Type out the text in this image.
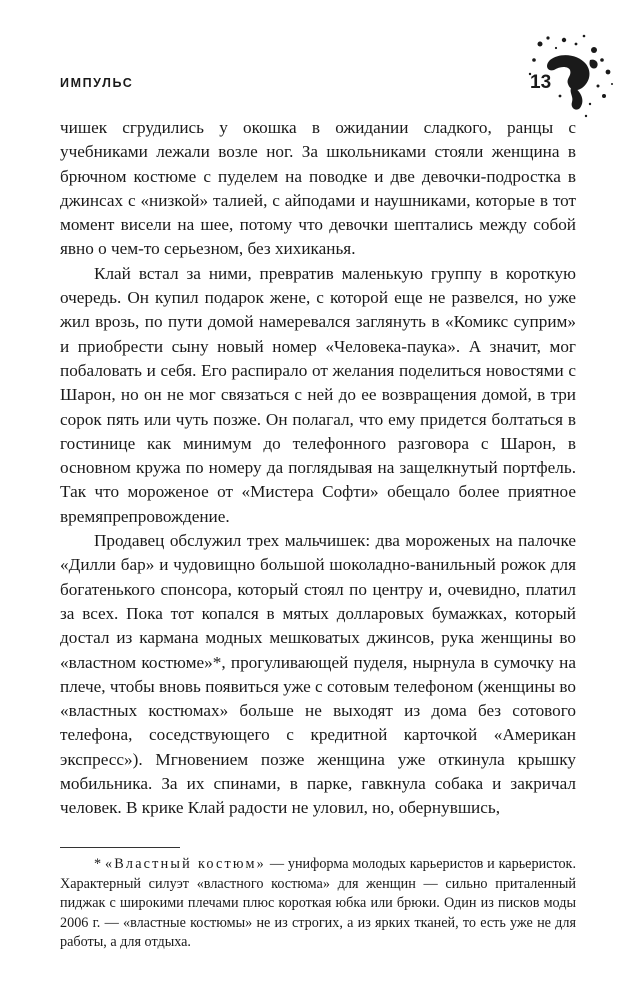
ИМПУЛЬС	13

чишек сгрудились у окошка в ожидании сладкого, ранцы с учебниками лежали возле ног. За школьниками стояли женщина в брючном костюме с пуделем на поводке и две девочки-подростка в джинсах с «низкой» талией, с айподами и наушниками, которые в тот момент висели на шее, потому что девочки шептались между собой явно о чем-то серьезном, без хихиканья.

Клай встал за ними, превратив маленькую группу в короткую очередь. Он купил подарок жене, с которой еще не развелся, но уже жил врозь, по пути домой намеревался заглянуть в «Комикс суприм» и приобрести сыну новый номер «Человека-паука». А значит, мог побаловать и себя. Его распирало от желания поделиться новостями с Шарон, но он не мог связаться с ней до ее возвращения домой, в три сорок пять или чуть позже. Он полагал, что ему придется болтаться в гостинице как минимум до телефонного разговора с Шарон, в основном кружа по номеру да поглядывая на защелкнутый портфель. Так что мороженое от «Мистера Софти» обещало более приятное времяпрепровождение.

Продавец обслужил трех мальчишек: два мороженых на палочке «Дилли бар» и чудовищно большой шоколадно-ванильный рожок для богатенького спонсора, который стоял по центру и, очевидно, платил за всех. Пока тот копался в мятых долларовых бумажках, который достал из кармана модных мешковатых джинсов, рука женщины во «властном костюме»*, прогуливающей пуделя, нырнула в сумочку на плече, чтобы вновь появиться уже с сотовым телефоном (женщины во «властных костюмах» больше не выходят из дома без сотового телефона, соседствующего с кредитной карточкой «Американ экспресс»). Мгновением позже женщина уже откинула крышку мобильника. За их спинами, в парке, гавкнула собака и закричал человек. В крике Клай радости не уловил, но, обернувшись,

* «Властный костюм» — униформа молодых карьеристов и карьеристок. Характерный силуэт «властного костюма» для женщин — сильно приталенный пиджак с широкими плечами плюс короткая юбка или брюки. Один из писков моды 2006 г. — «властные костюмы» не из строгих, а из ярких тканей, то есть уже не для работы, а для отдыха.
